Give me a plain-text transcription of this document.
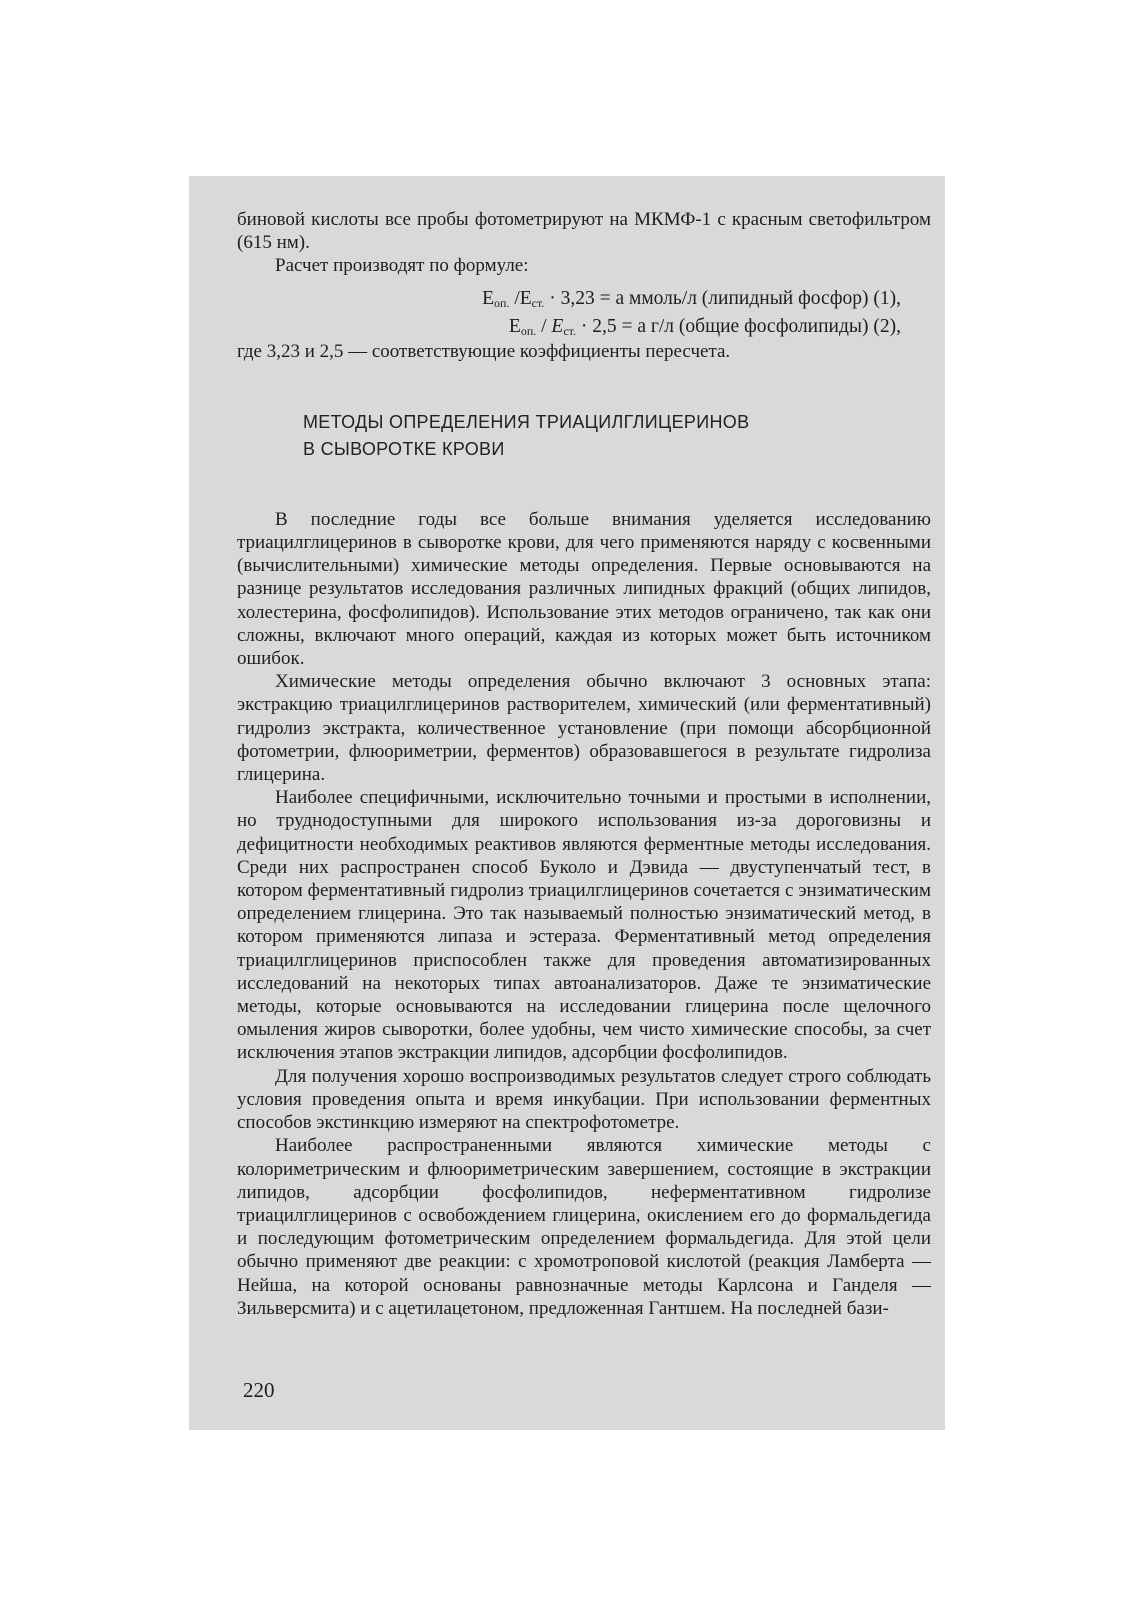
биновой кислоты все пробы фотометрируют на МКМФ-1 с красным светофильтром (615 нм).

Расчет производят по формуле:

$E_{оп.}$ $/E_{ст.} \cdot 3,23 = а$ ммоль/л (липидный фосфор) (1),

$E_{оп.} / E_{ст.} \cdot 2,5 = а$ г/л (общие фосфолипиды) (2),

где 3,23 и 2,5 — соответствующие коэффициенты пересчета.

МЕТОДЫ ОПРЕДЕЛЕНИЯ ТРИАЦИЛГЛИЦЕРИНОВ
В СЫВОРОТКЕ КРОВИ

В последние годы все больше внимания уделяется исследованию триацилглицеринов в сыворотке крови, для чего применяются наряду с косвенными (вычислительными) химические методы определения. Первые основываются на разнице результатов исследования различных липидных фракций (общих липидов, холестерина, фосфолипидов). Использование этих методов ограничено, так как они сложны, включают много операций, каждая из которых может быть источником ошибок.

Химические методы определения обычно включают 3 основных этапа: экстракцию триацилглицеринов растворителем, химический (или ферментативный) гидролиз экстракта, количественное установление (при помощи абсорбционной фотометрии, флюориметрии, ферментов) образовавшегося в результате гидролиза глицерина.

Наиболее специфичными, исключительно точными и простыми в исполнении, но труднодоступными для широкого использования из-за дороговизны и дефицитности необходимых реактивов являются ферментные методы исследования. Среди них распространен способ Буколо и Дэвида — двуступенчатый тест, в котором ферментативный гидролиз триацилглицеринов сочетается с энзиматическим определением глицерина. Это так называемый полностью энзиматический метод, в котором применяются липаза и эстераза. Ферментативный метод определения триацилглицеринов приспособлен также для проведения автоматизированных исследований на некоторых типах автоанализаторов. Даже те энзиматические методы, которые основываются на исследовании глицерина после щелочного омыления жиров сыворотки, более удобны, чем чисто химические способы, за счет исключения этапов экстракции липидов, адсорбции фосфолипидов.

Для получения хорошо воспроизводимых результатов следует строго соблюдать условия проведения опыта и время инкубации. При использовании ферментных способов экстинкцию измеряют на спектрофотометре.

Наиболее распространенными являются химические методы с колориметрическим и флюориметрическим завершением, состоящие в экстракции липидов, адсорбции фосфолипидов, неферментативном гидролизе триацилглицеринов с освобождением глицерина, окислением его до формальдегида и последующим фотометрическим определением формальдегида. Для этой цели обычно применяют две реакции: с хромотроповой кислотой (реакция Ламберта — Нейша, на которой основаны равнозначные методы Карлсона и Ганделя — Зильверсмита) и с ацетилацетоном, предложенная Гантшем. На последней бази-

220
